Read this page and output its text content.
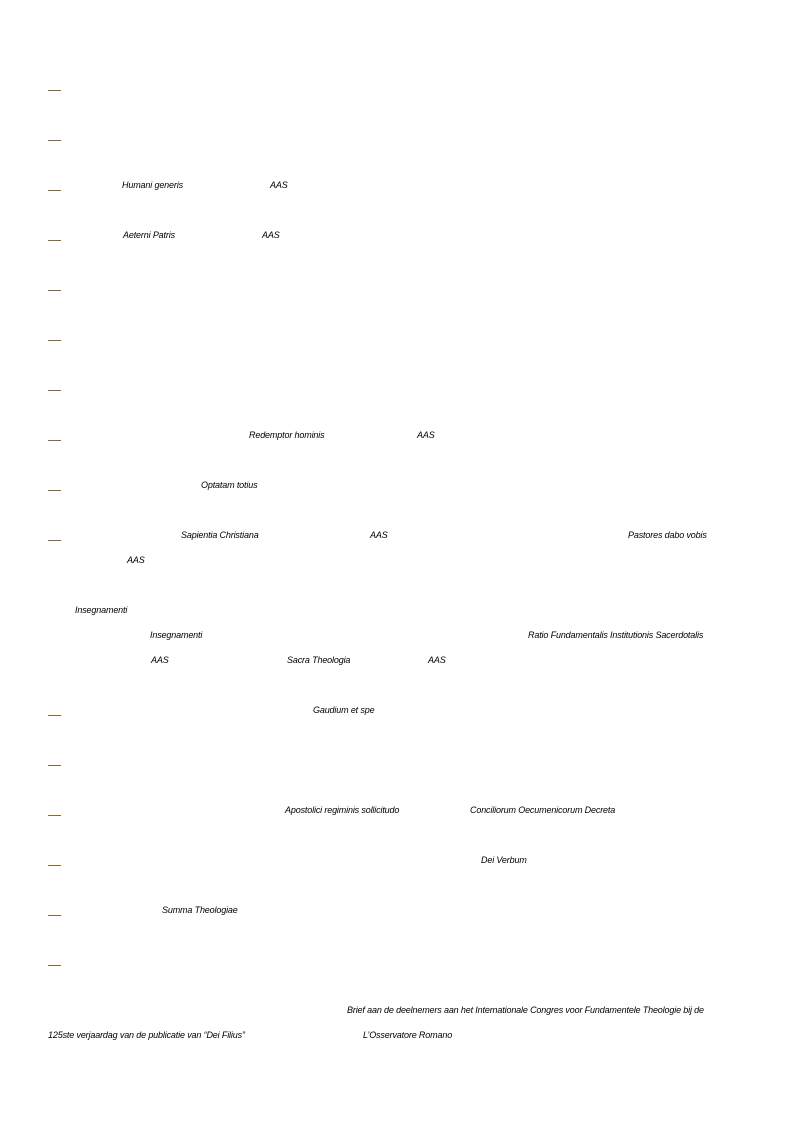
Humani generis	AAS
Aeterni Patris	AAS
Redemptor hominis	AAS
Optatam totius
Sapientia Christiana	AAS	Pastores dabo vobis
AAS
Insegnamenti
Insegnamenti	Ratio Fundamentalis Institutionis Sacerdotalis
AAS	Sacra Theologia	AAS
Gaudium et spe
Apostolici regiminis sollicitudo	Conciliorum Oecumenicorum Decreta
Dei Verbum
Summa Theologiae
Brief aan de deelnemers aan het Internationale Congres voor Fundamentele Theologie bij de
125ste verjaardag van de publicatie van “Dei Filius”	L’Osservatore Romano
